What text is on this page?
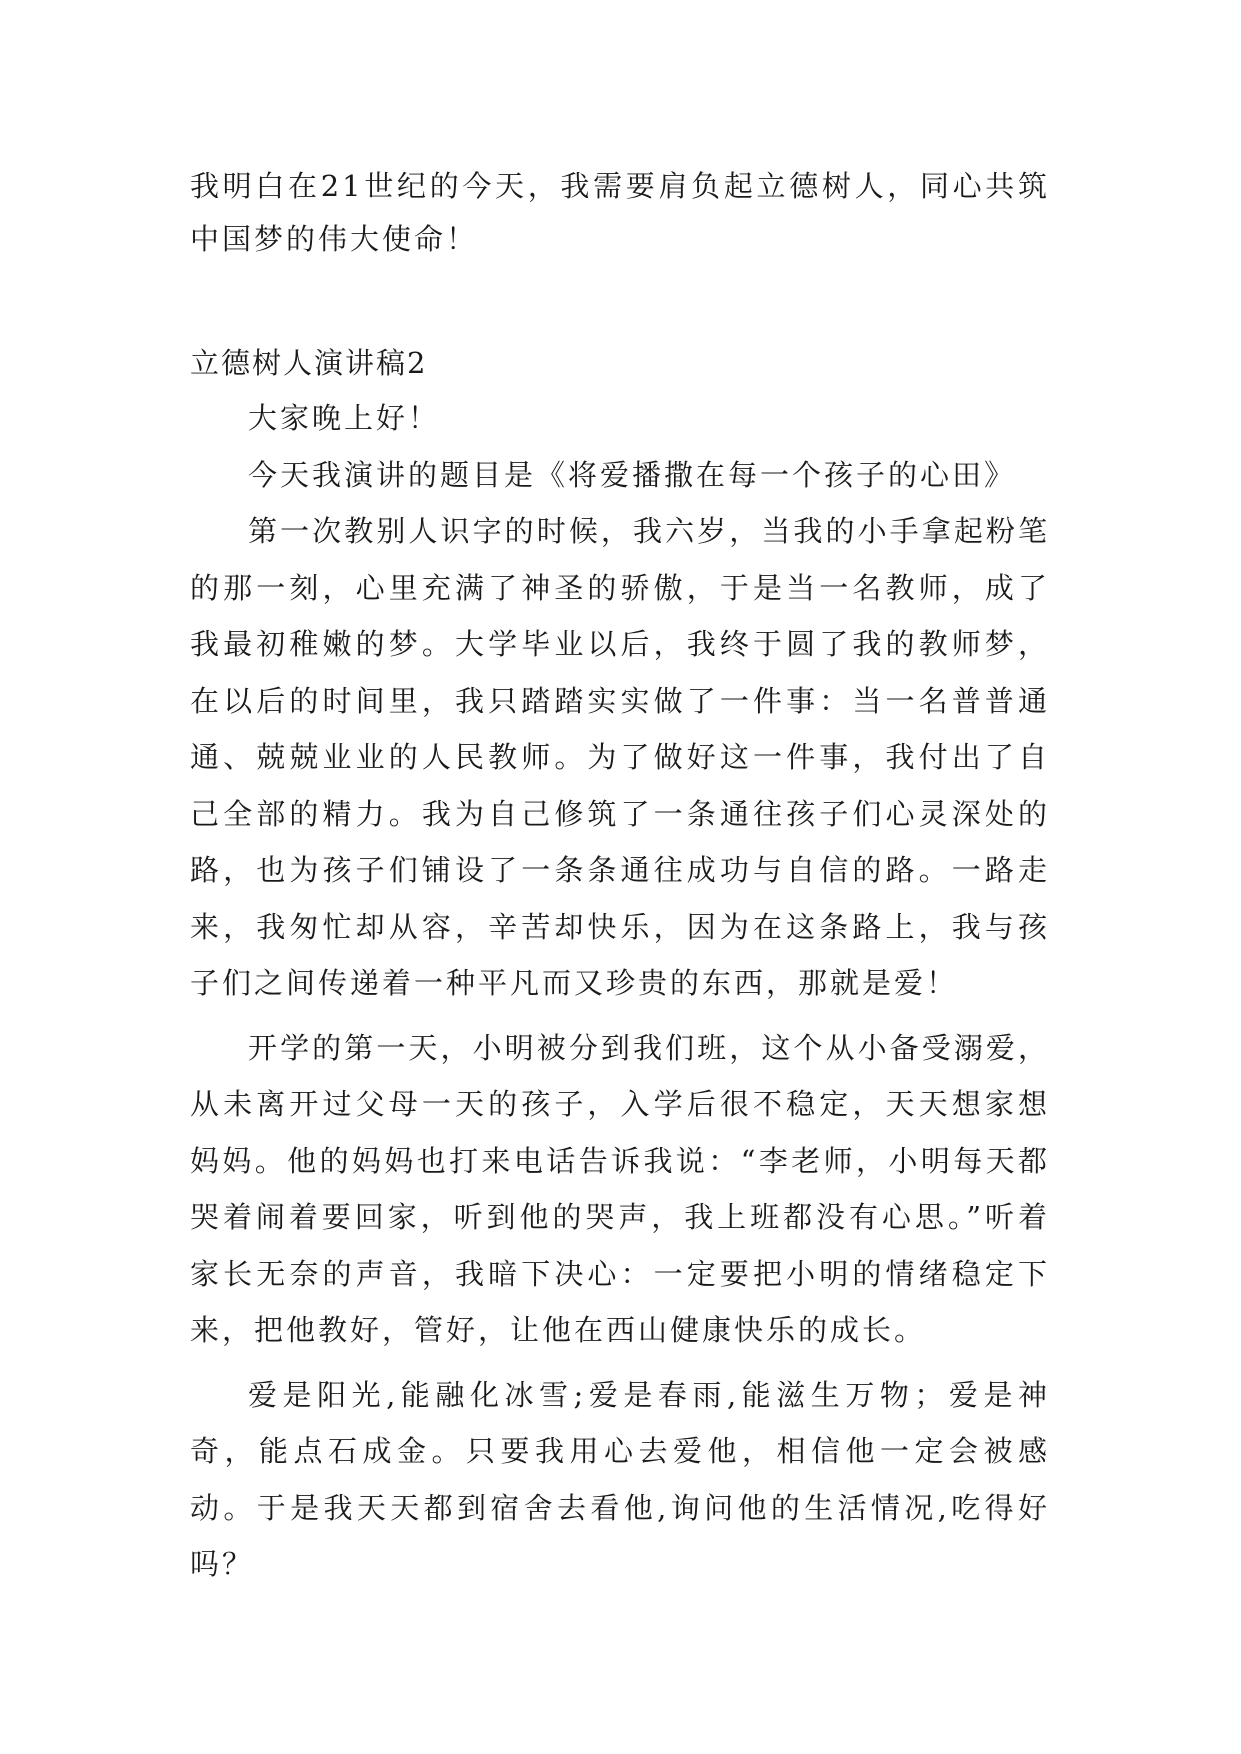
我明白在21世纪的今天，我需要肩负起立德树人，同心共筑中国梦的伟大使命！

立德树人演讲稿2

大家晚上好！

今天我演讲的题目是《将爱播撒在每一个孩子的心田》

第一次教别人识字的时候，我六岁，当我的小手拿起粉笔的那一刻，心里充满了神圣的骄傲，于是当一名教师，成了我最初稚嫩的梦。大学毕业以后，我终于圆了我的教师梦，在以后的时间里，我只踏踏实实做了一件事：当一名普普通通、兢兢业业的人民教师。为了做好这一件事，我付出了自己全部的精力。我为自己修筑了一条通往孩子们心灵深处的路，也为孩子们铺设了一条条通往成功与自信的路。一路走来，我匆忙却从容，辛苦却快乐，因为在这条路上，我与孩子们之间传递着一种平凡而又珍贵的东西，那就是爱！

开学的第一天，小明被分到我们班，这个从小备受溺爱，从未离开过父母一天的孩子，入学后很不稳定，天天想家想妈妈。他的妈妈也打来电话告诉我说：“李老师，小明每天都哭着闹着要回家，听到他的哭声，我上班都没有心思。”听着家长无奈的声音，我暗下决心：一定要把小明的情绪稳定下来，把他教好，管好，让他在西山健康快乐的成长。

爱是阳光,能融化冰雪;爱是春雨,能滋生万物；爱是神奇，能点石成金。只要我用心去爱他，相信他一定会被感动。于是我天天都到宿舍去看他,询问他的生活情况,吃得好吗？
